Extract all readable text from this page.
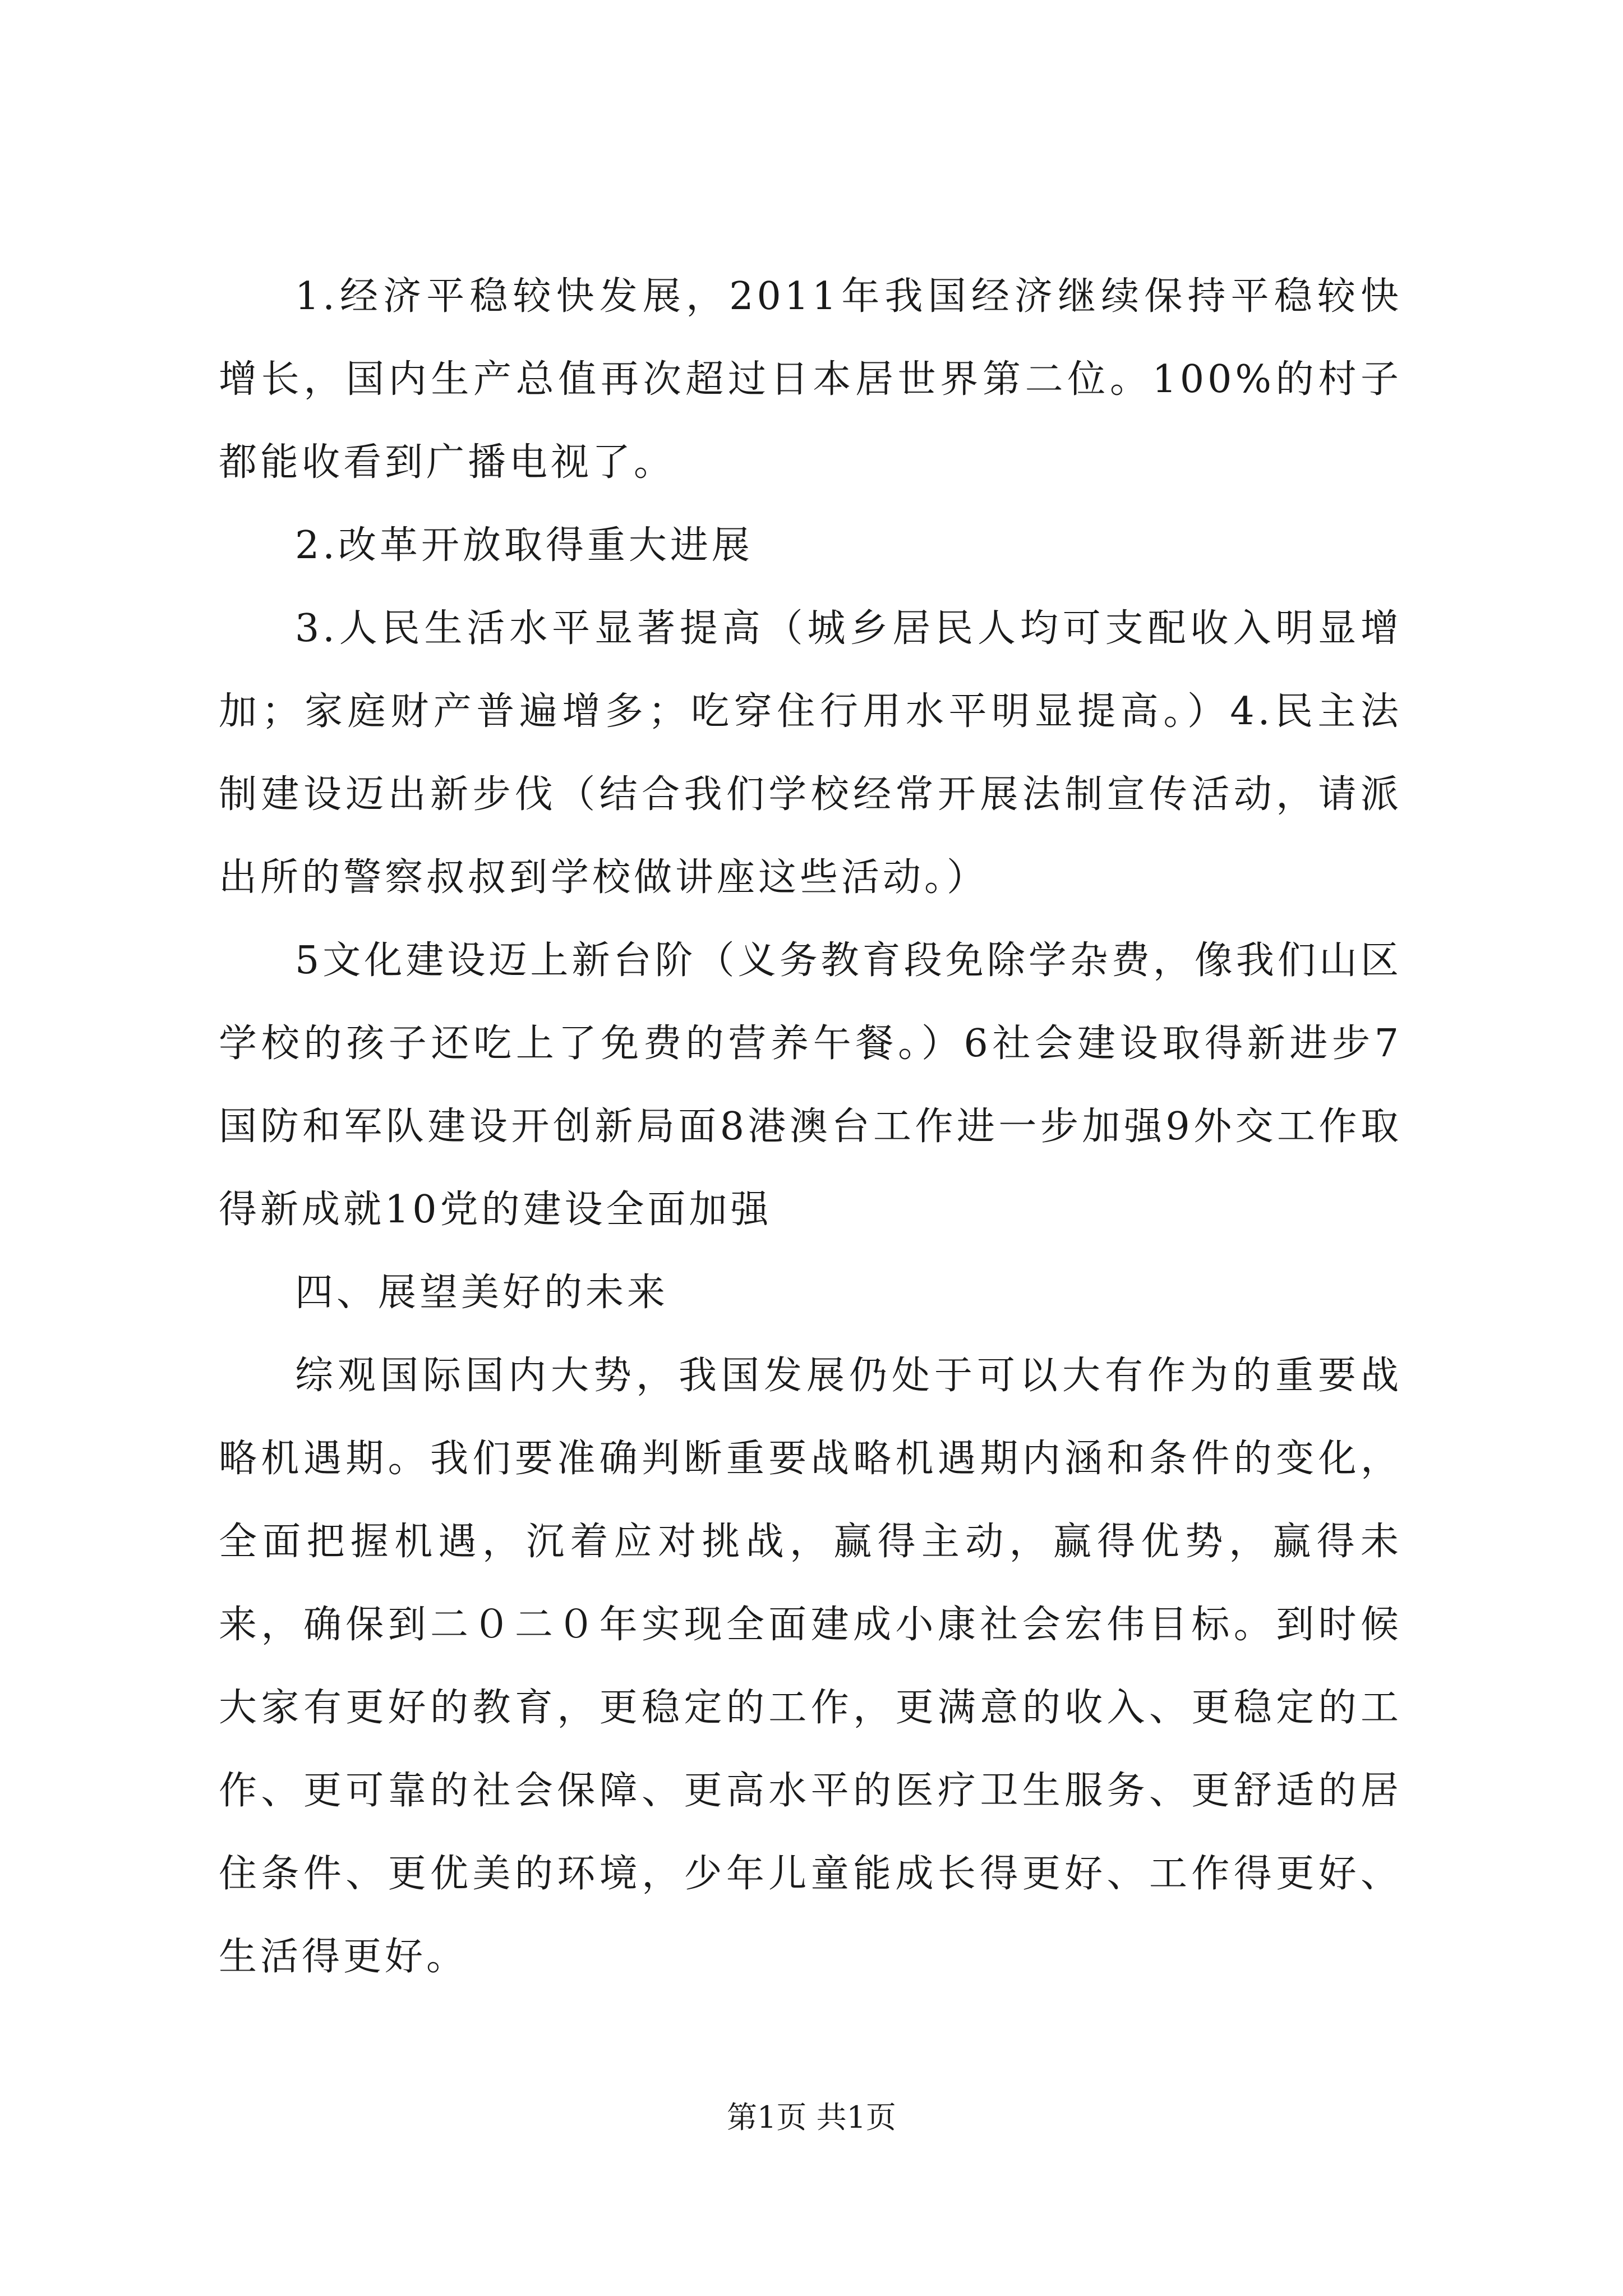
1.经济平稳较快发展，2011年我国经济继续保持平稳较快增长，国内生产总值再次超过日本居世界第二位。100%的村子都能收看到广播电视了。

2.改革开放取得重大进展

3.人民生活水平显著提高（城乡居民人均可支配收入明显增加；家庭财产普遍增多；吃穿住行用水平明显提高。）4.民主法制建设迈出新步伐（结合我们学校经常开展法制宣传活动，请派出所的警察叔叔到学校做讲座这些活动。）

5文化建设迈上新台阶（义务教育段免除学杂费，像我们山区学校的孩子还吃上了免费的营养午餐。）6社会建设取得新进步7国防和军队建设开创新局面8港澳台工作进一步加强9外交工作取得新成就10党的建设全面加强

四、展望美好的未来

综观国际国内大势，我国发展仍处于可以大有作为的重要战略机遇期。我们要准确判断重要战略机遇期内涵和条件的变化，全面把握机遇，沉着应对挑战，赢得主动，赢得优势，赢得未来，确保到二０二０年实现全面建成小康社会宏伟目标。到时候大家有更好的教育，更稳定的工作，更满意的收入、更稳定的工作、更可靠的社会保障、更高水平的医疗卫生服务、更舒适的居住条件、更优美的环境，少年儿童能成长得更好、工作得更好、生活得更好。

第1页 共1页
